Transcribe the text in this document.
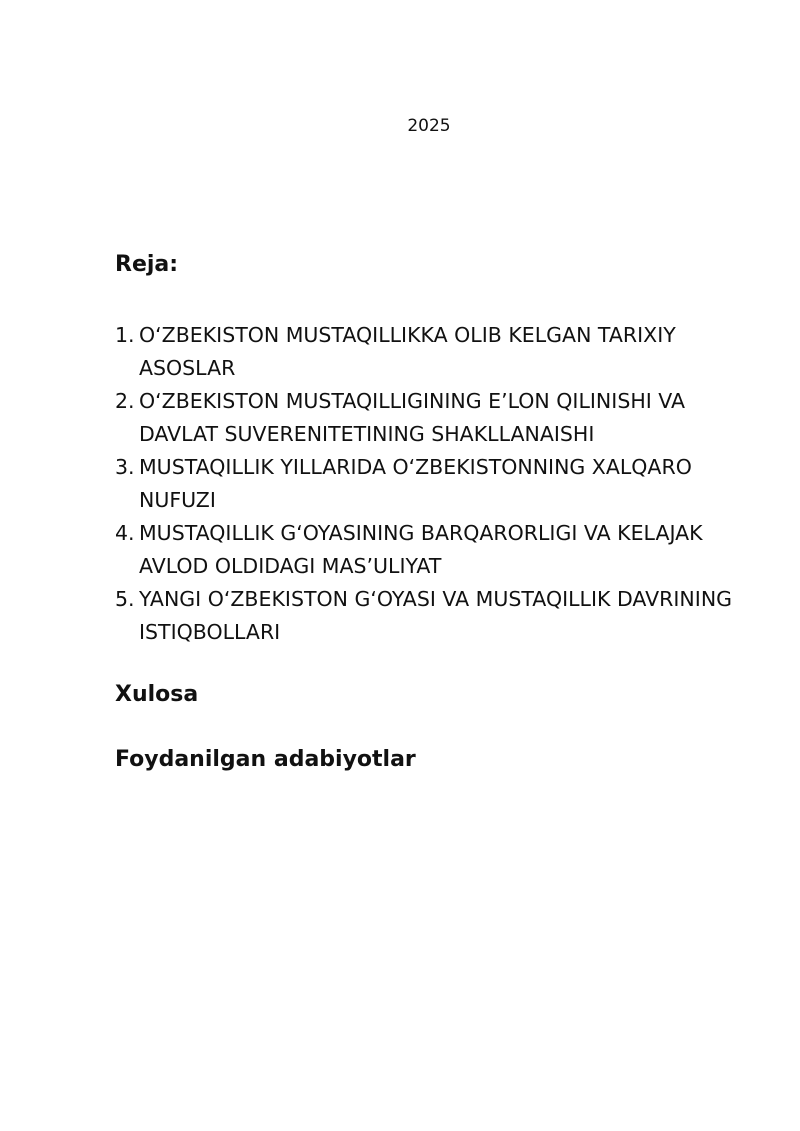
2025
Reja:
1. O‘ZBEKISTON MUSTAQILLIKKA OLIB KELGAN TARIXIY ASOSLAR
2. O‘ZBEKISTON MUSTAQILLIGINING E’LON QILINISHI VA DAVLAT SUVERENITETINING SHAKLLANAISHI
3. MUSTAQILLIK YILLARIDA O‘ZBEKISTONNING XALQARO NUFUZI
4. MUSTAQILLIK G‘OYASINING BARQARORLIGI VA KELAJAK AVLOD OLDIDAGI MAS’ULIYAT
5. YANGI O‘ZBEKISTON G‘OYASI VA MUSTAQILLIK DAVRINING ISTIQBOLLARI
Xulosa
Foydanilgan adabiyotlar
